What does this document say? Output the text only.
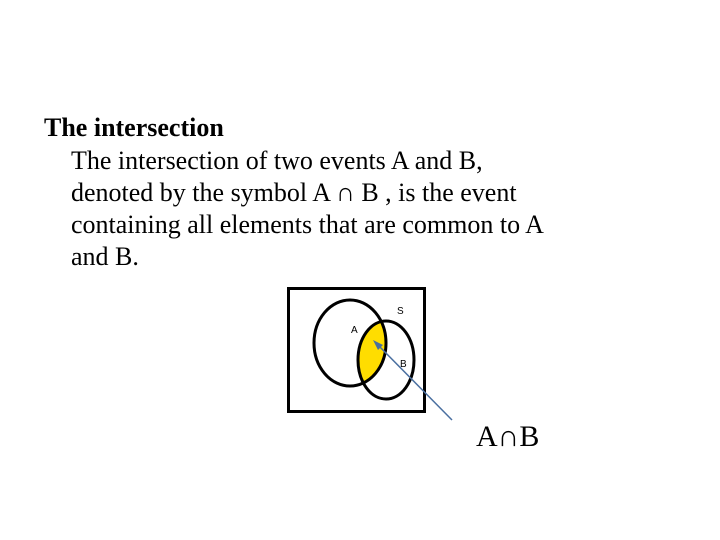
The intersection
The intersection of two events A and B,
denoted by the symbol A ∩ B , is the event
containing all elements that are common to A
and B.
S
A
B
A∩B
